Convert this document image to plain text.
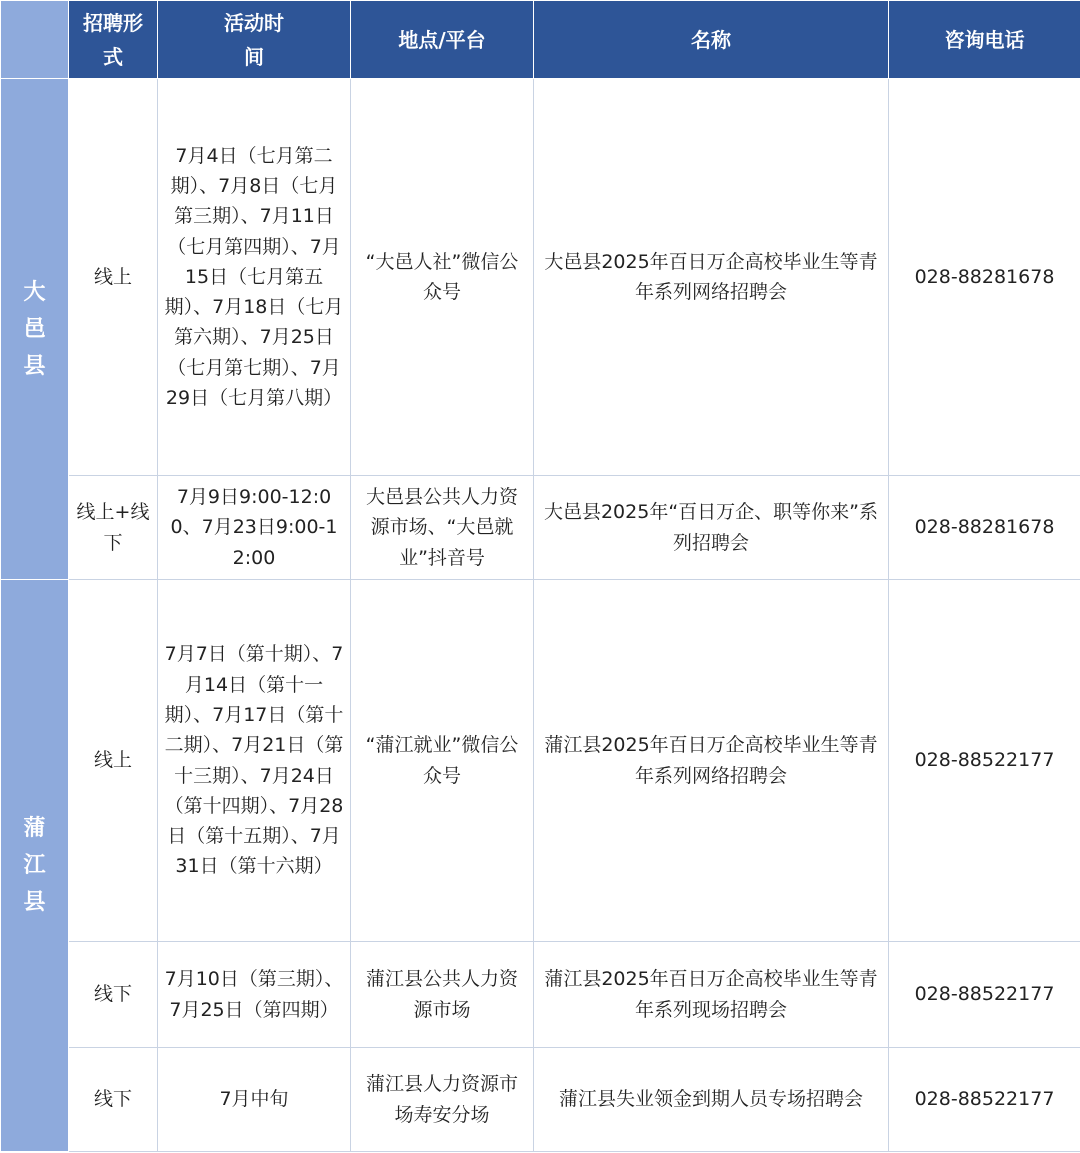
	招聘形式	活动时间	地点/平台	名称	咨询电话

大邑县	线上	7月4日（七月第二期）、7月8日（七月第三期）、7月11日（七月第四期）、7月15日（七月第五期）、7月18日（七月第六期）、7月25日（七月第七期）、7月29日（七月第八期）	“大邑人社”微信公众号	大邑县2025年百日万企高校毕业生等青年系列网络招聘会	028-88281678
	线上+线下	7月9日9:00-12:00、7月23日9:00-12:00	大邑县公共人力资源市场、“大邑就业”抖音号	大邑县2025年“百日万企、职等你来”系列招聘会	028-88281678

蒲江县	线上	7月7日（第十期）、7月14日（第十一期）、7月17日（第十二期）、7月21日（第十三期）、7月24日（第十四期）、7月28日（第十五期）、7月31日（第十六期）	“蒲江就业”微信公众号	蒲江县2025年百日万企高校毕业生等青年系列网络招聘会	028-88522177
	线下	7月10日（第三期）、7月25日（第四期）	蒲江县公共人力资源市场	蒲江县2025年百日万企高校毕业生等青年系列现场招聘会	028-88522177
	线下	7月中旬	蒲江县人力资源市场寿安分场	蒲江县失业领金到期人员专场招聘会	028-88522177
